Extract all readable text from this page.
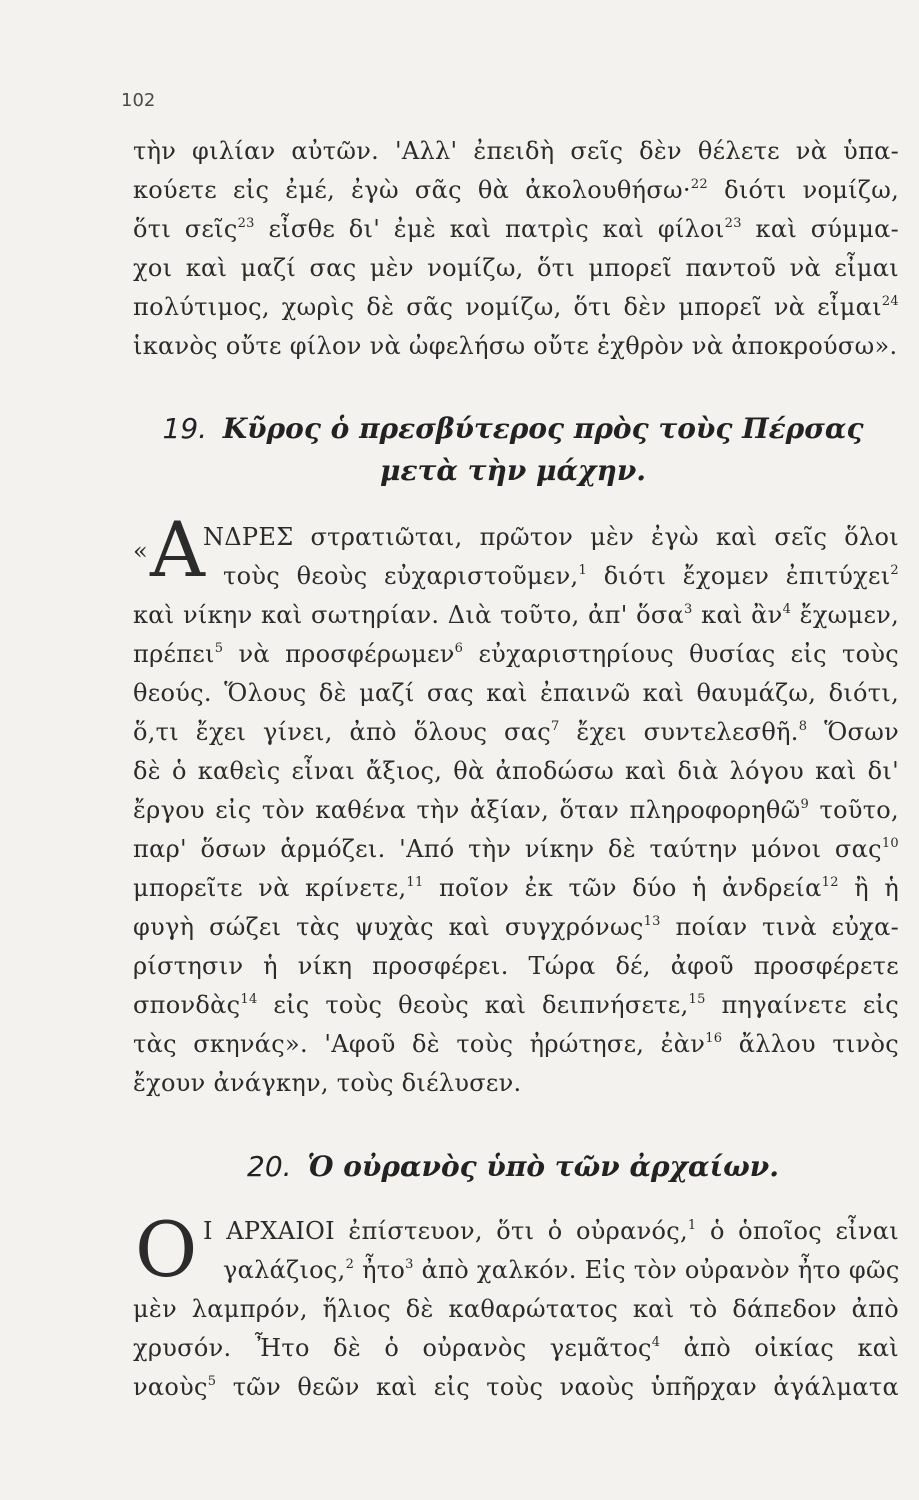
102
τὴν φιλίαν αὐτῶν. 'Αλλ' ἐπειδὴ σεῖς δὲν θέλετε νὰ ὑπα-
κούετε εἰς ἐμέ, ἐγὼ σᾶς θὰ ἀκολουθήσω·$^{22}$ διότι νομίζω,
ὅτι σεῖς$^{23}$ εἶσθε δι' ἐμὲ καὶ πατρὶς καὶ φίλοι$^{23}$ καὶ σύμμα-
χοι καὶ μαζί σας μὲν νομίζω, ὅτι μπορεῖ παντοῦ νὰ εἶμαι
πολύτιμος, χωρὶς δὲ σᾶς νομίζω, ὅτι δὲν μπορεῖ νὰ εἶμαι$^{24}$
ἱκανὸς οὔτε φίλον νὰ ὠφελήσω οὔτε ἐχθρὸν νὰ ἀποκρούσω».
19. Κῦρος ὁ πρεσβύτερος πρὸς τοὺς Πέρσας
μετὰ τὴν μάχην.
« Α
ΝΔΡΕΣ στρατιῶται, πρῶτον μὲν ἐγὼ καὶ σεῖς ὅλοι
τοὺς θεοὺς εὐχαριστοῦμεν,$^1$ διότι ἔχομεν ἐπιτύχει$^2$
καὶ νίκην καὶ σωτηρίαν. Διὰ τοῦτο, ἀπ' ὅσα$^3$ καὶ ἂν$^4$ ἔχωμεν,
πρέπει$^5$ νὰ προσφέρωμεν$^6$ εὐχαριστηρίους θυσίας εἰς τοὺς
θεούς. Ὅλους δὲ μαζί σας καὶ ἐπαινῶ καὶ θαυμάζω, διότι,
ὅ,τι ἔχει γίνει, ἀπὸ ὅλους σας$^7$ ἔχει συντελεσθῆ.$^8$ Ὅσων
δὲ ὁ καθεὶς εἶναι ἄξιος, θὰ ἀποδώσω καὶ διὰ λόγου καὶ δι'
ἔργου εἰς τὸν καθένα τὴν ἀξίαν, ὅταν πληροφορηθῶ$^9$ τοῦτο,
παρ' ὅσων ἁρμόζει. 'Από τὴν νίκην δὲ ταύτην μόνοι σας$^{10}$
μπορεῖτε νὰ κρίνετε,$^{11}$ ποῖον ἐκ τῶν δύο ἡ ἀνδρεία$^{12}$ ἢ ἡ
φυγὴ σώζει τὰς ψυχὰς καὶ συγχρόνως$^{13}$ ποίαν τινὰ εὐχα-
ρίστησιν ἡ νίκη προσφέρει. Τώρα δέ, ἀφοῦ προσφέρετε
σπονδὰς$^{14}$ εἰς τοὺς θεοὺς καὶ δειπνήσετε,$^{15}$ πηγαίνετε εἰς
τὰς σκηνάς». 'Αφοῦ δὲ τοὺς ἠρώτησε, ἐὰν$^{16}$ ἄλλου τινὸς
ἔχουν ἀνάγκην, τοὺς διέλυσεν.
20. Ὁ οὐρανὸς ὑπὸ τῶν ἀρχαίων.
Ο Ι ΑΡΧΑΙΟΙ ἐπίστευον, ὅτι ὁ οὐρανός,$^1$ ὁ ὁποῖος εἶναι
γαλάζιος,$^2$ ἦτο$^3$ ἀπὸ χαλκόν. Εἰς τὸν οὐρανὸν ἦτο φῶς
μὲν λαμπρόν, ἥλιος δὲ καθαρώτατος καὶ τὸ δάπεδον ἀπὸ
χρυσόν. Ἦτο δὲ ὁ οὐρανὸς γεμᾶτος$^4$ ἀπὸ οἰκίας καὶ
ναοὺς$^5$ τῶν θεῶν καὶ εἰς τοὺς ναοὺς ὑπῆρχαν ἀγάλματα
